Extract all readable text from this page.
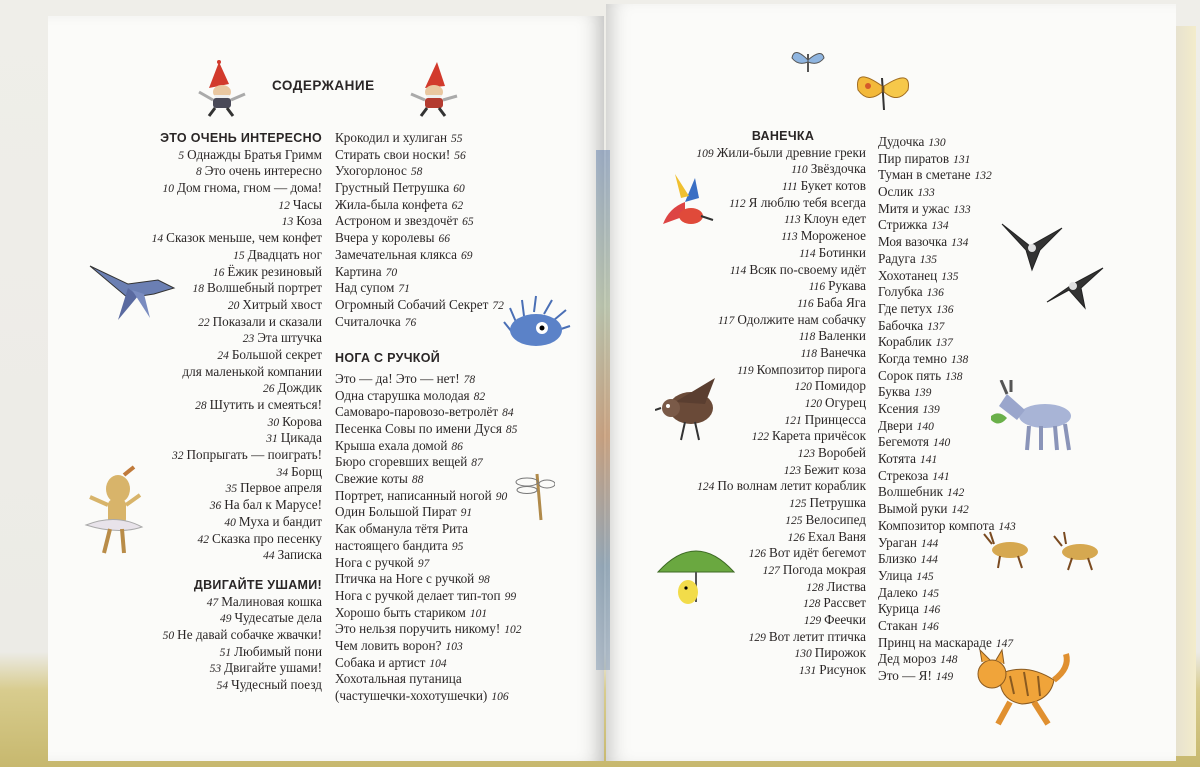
СОДЕРЖАНИЕ
ЭТО ОЧЕНЬ ИНТЕРЕСНО
5 Однажды Братья Гримм
8 Это очень интересно
10 Дом гнома, гном — дома!
12 Часы
13 Коза
14 Сказок меньше, чем конфет
15 Двадцать ног
16 Ёжик резиновый
18 Волшебный портрет
20 Хитрый хвост
22 Показали и сказали
23 Эта штучка
24 Большой секрет
для маленькой компании
26 Дождик
28 Шутить и смеяться!
30 Корова
31 Цикада
32 Попрыгать — поиграть!
34 Борщ
35 Первое апреля
36 На бал к Марусе!
40 Муха и бандит
42 Сказка про песенку
44 Записка
ДВИГАЙТЕ УШАМИ!
47 Малиновая кошка
49 Чудесатые дела
50 Не давай собачке жвачки!
51 Любимый пони
53 Двигайте ушами!
54 Чудесный поезд
Крокодил и хулиган 55
Стирать свои носки! 56
Ухогорлонос 58
Грустный Петрушка 60
Жила-была конфета 62
Астроном и звездочёт 65
Вчера у королевы 66
Замечательная клякса 69
Картина 70
Над супом 71
Огромный Собачий Секрет 72
Считалочка 76
НОГА С РУЧКОЙ
Это — да! Это — нет! 78
Одна старушка молодая 82
Самоваро-паровозо-ветролёт 84
Песенка Совы по имени Дуся 85
Крыша ехала домой 86
Бюро сгоревших вещей 87
Свежие коты 88
Портрет, написанный ногой 90
Один Большой Пират 91
Как обманула тётя Рита
настоящего бандита 95
Нога с ручкой 97
Птичка на Ноге с ручкой 98
Нога с ручкой делает тип-топ 99
Хорошо быть стариком 101
Это нельзя поручить никому! 102
Чем ловить ворон? 103
Собака и артист 104
Хохотальная путаница
(частушечки-хохотушечки) 106
ВАНЕЧКА
109 Жили-были древние греки
110 Звёздочка
111 Букет котов
112 Я люблю тебя всегда
113 Клоун едет
113 Мороженое
114 Ботинки
114 Всяк по-своему идёт
116 Рукава
116 Баба Яга
117 Одолжите нам собачку
118 Валенки
118 Ванечка
119 Композитор пирога
120 Помидор
120 Огурец
121 Принцесса
122 Карета причёсок
123 Воробей
123 Бежит коза
124 По волнам летит кораблик
125 Петрушка
125 Велосипед
126 Ехал Ваня
126 Вот идёт бегемот
127 Погода мокрая
128 Листва
128 Рассвет
129 Феечки
129 Вот летит птичка
130 Пирожок
131 Рисунок
Дудочка 130
Пир пиратов 131
Туман в сметане 132
Ослик 133
Митя и ужас 133
Стрижка 134
Моя вазочка 134
Радуга 135
Хохотанец 135
Голубка 136
Где петух 136
Бабочка 137
Кораблик 137
Когда темно 138
Сорок пять 138
Буква 139
Ксения 139
Двери 140
Бегемотя 140
Котята 141
Стрекоза 141
Волшебник 142
Вымой руки 142
Композитор компота 143
Ураган 144
Близко 144
Улица 145
Далеко 145
Курица 146
Стакан 146
Принц на маскараде 147
Дед мороз 148
Это — Я! 149
